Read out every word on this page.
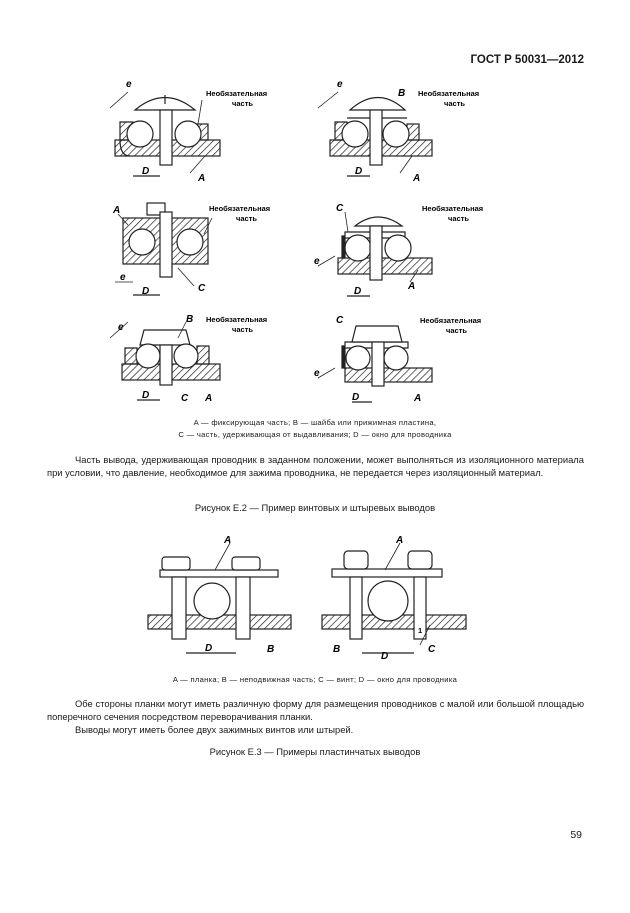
ГОСТ Р 50031—2012
e
D
A
Необязательная
часть
e
B
D
A
Необязательная
часть
A
e
D	C
Необязательная
часть
C
e
D	A
Необязательная
часть
e
B
D	C A
Необязательная
часть
C
e
D	A
Необязательная
часть
A — фиксирующая часть; B — шайба или прижимная пластина,
C — часть, удерживающая от выдавливания; D — окно для проводника

Часть вывода, удерживающая проводник в заданном положении, может выполняться из изоляционного материала при условии, что давление, необходимое для зажима проводника, не передается через изоляционный материал.

Рисунок E.2 — Пример винтовых и штыревых выводов
A
D	B
A
B
D
C
1
A — планка; B — неподвижная часть; C — винт; D — окно для проводника

Обе стороны планки могут иметь различную форму для размещения проводников с малой или большой площадью поперечного сечения посредством переворачивания планки.

Выводы могут иметь более двух зажимных винтов или штырей.

Рисунок E.3 — Примеры пластинчатых выводов
59
